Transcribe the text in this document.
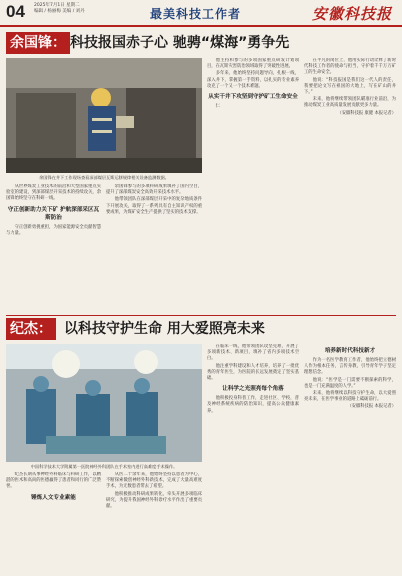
04 2025年7月1日 星期二
编辑 / 杨丽梅 美编 / 刘丹	最美科技工作者	安徽科技报
余国锋： 科技报国赤子心 驰骋“煤海”勇争先
余国锋在井下工作现场查看深部煤层瓦斯运移规律相关设备监测数据。

从世界煤炭工业技术的前沿和大型国家重点实验室的建设，到深部煤层开采技术的持续攻关，余国锋始终坚守在科研一线。

守正创新助力关下矿 护航深部采区瓦斯防治

守正创新勇挑重担，为国家能源安全贡献智慧与力量。

余国锋参与的多项科研成果填补了国内空白，提升了深部煤炭安全高效开采技术水平。

他带领团队在深部煤层开采中的复杂地质条件下开展攻关，取得了一系列具有自主知识产权的重要成果，为煤矿安全生产提供了坚实的技术支撑。

他主持和参与的多项国家重点研发计划项目，在瓦斯灾害防治领域取得了突破性进展。

多年来，他始终坚持问题导向，扎根一线，深入井下，掌握第一手资料，以扎实的专业素养攻克了一个又一个技术难题。

从实干井下攻坚到守护矿工生命安全

仁

在平凡的岗位上，他用实际行动诠释了新时代科技工作者的使命与担当，守护着千千万万矿工的生命安全。

他说：“科技报国是我们这一代人的责任，我要把论文写在祖国的大地上，写在矿山的井下。”

未来，他将继续带领团队瞄准行业前沿，为推动煤炭工业高质量发展贡献更多力量。

（安徽科技报 康健 本报记者）
纪杰： 以科技守护生命 用大爱照亮未来
中国科学技术大学附属第一医院神经外科团队在手术室内进行高难度手术操作。

纪杰长期从事神经外科临床与科研工作，以精湛的医术和高尚的医德赢得了患者和同行的广泛赞誉。

锤炼人文专业素能

从医二十余年来，他始终坚持以患者为中心，不断探索微创神经外科新技术，完成了大量高难度手术，为无数患者带去了希望。

他积极推动科研成果转化，牵头开展多项临床研究，为提升我国神经外科诊疗水平作出了重要贡献。

在临床一线，他带领团队攻坚克难，开展了多项新技术、新项目，填补了省内多项技术空白。

他注重学科建设和人才培养，培养了一批优秀的青年医生，为医院的长远发展奠定了坚实基础。

让科学之光照亮每个角落

他积极投身科普工作，走进社区、学校，普及神经系统疾病的防治知识，提高公众健康素养。

培养新时代科技新才

作为一名医学教育工作者，他始终把立德树人作为根本任务，言传身教，引导青年学子坚定理想信念。

他说：“医学是一门需要不断探索的科学，也是一门充满温度的人学。”

未来，他将继续以科技守护生命，以大爱照亮未来，在医学事业的道路上砥砺前行。

（安徽科技报 本报记者）
